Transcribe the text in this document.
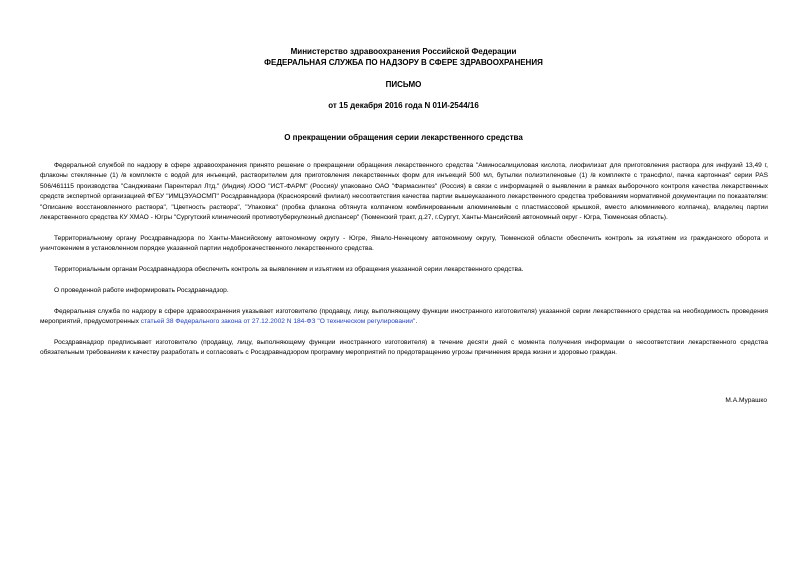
Министерство здравоохранения Российской Федерации
ФЕДЕРАЛЬНАЯ СЛУЖБА ПО НАДЗОРУ В СФЕРЕ ЗДРАВООХРАНЕНИЯ
ПИСЬМО
от 15 декабря 2016 года N 01И-2544/16
О прекращении обращения серии лекарственного средства

Федеральной службой по надзору в сфере здравоохранения принято решение о прекращении обращения лекарственного средства "Аминосалициловая кислота, лиофилизат для приготовления раствора для инфузий 13,49 г, флаконы стеклянные (1) /в комплекте с водой для инъекций, растворителем для приготовления лекарственных форм для инъекций 500 мл, бутылки полиэтиленовые (1) /в комплекте с трансфло/, пачка картонная" серии PAS 506/461115 производства "Сандживани Парентерал Лтд." (Индия) /ООО "ИСТ-ФАРМ" (Россия)/ упаковано ОАО "Фармасинтез" (Россия) в связи с информацией о выявлении в рамках выборочного контроля качества лекарственных средств экспертной организацией ФГБУ "ИМЦЭУАОСМП" Росздравнадзора (Красноярский филиал) несоответствия качества партии вышеуказанного лекарственного средства требованиям нормативной документации по показателям: "Описание восстановленного раствора", "Цветность раствора", "Упаковка" (пробка флакона обтянута колпачком комбинированным алюминиевым с пластмассовой крышкой, вместо алюминиевого колпачка), владелец партии лекарственного средства КУ ХМАО - Югры "Сургутский клинический противотуберкулезный диспансер" (Тюменский тракт, д.27, г.Сургут, Ханты-Мансийский автономный округ - Югра, Тюменская область).

Территориальному органу Росздравнадзора по Ханты-Мансийскому автономному округу - Югре, Ямало-Ненецкому автономному округу, Тюменской области обеспечить контроль за изъятием из гражданского оборота и уничтожением в установленном порядке указанной партии недоброкачественного лекарственного средства.

Территориальным органам Росздравнадзора обеспечить контроль за выявлением и изъятием из обращения указанной серии лекарственного средства.

О проведенной работе информировать Росздравнадзор.

Федеральная служба по надзору в сфере здравоохранения указывает изготовителю (продавцу, лицу, выполняющему функции иностранного изготовителя) указанной серии лекарственного средства на необходимость проведения мероприятий, предусмотренных статьей 38 Федерального закона от 27.12.2002 N 184-ФЗ "О техническом регулировании".

Росздравнадзор предписывает изготовителю (продавцу, лицу, выполняющему функции иностранного изготовителя) в течение десяти дней с момента получения информации о несоответствии лекарственного средства обязательным требованиям к качеству разработать и согласовать с Росздравнадзором программу мероприятий по предотвращению угрозы причинения вреда жизни и здоровью граждан.

М.А.Мурашко
